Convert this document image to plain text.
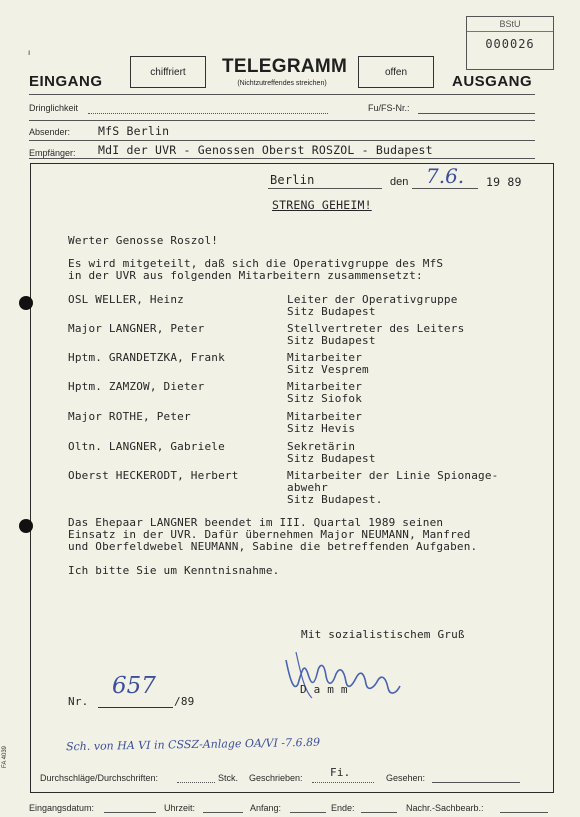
BStU
000026
ı
EINGANG
chiffriert TELEGRAMM
(Nichtzutreffendes streichen)
offen
AUSGANG
Dringlichkeit	Fu/FS-Nr.:
Absender: MfS Berlin
Empfänger: MdI der UVR - Genossen Oberst ROSZOL - Budapest
Berlin	den 7.6. 19 89
STRENG GEHEIM!
Werter Genosse Roszol!
Es wird mitgeteilt, daß sich die Operativgruppe des MfS
in der UVR aus folgenden Mitarbeitern zusammensetzt:
OSL WELLER, Heinz	Leiter der Operativgruppe
Sitz Budapest
Major LANGNER, Peter	Stellvertreter des Leiters
Sitz Budapest
Hptm. GRANDETZKA, Frank	Mitarbeiter
Sitz Vesprem
Hptm. ZAMZOW, Dieter	Mitarbeiter
Sitz Siofok
Major ROTHE, Peter	Mitarbeiter
Sitz Hevis
Oltn. LANGNER, Gabriele	Sekretärin
Sitz Budapest
Oberst HECKERODT, Herbert	Mitarbeiter der Linie Spionage-
abwehr
Sitz Budapest.
Das Ehepaar LANGNER beendet im III. Quartal 1989 seinen
Einsatz in der UVR. Dafür übernehmen Major NEUMANN, Manfred
und Oberfeldwebel NEUMANN, Sabine die betreffenden Aufgaben.
Ich bitte Sie um Kenntnisnahme.
Mit sozialistischem Gruß
D a m m
Nr.
657
/89
Sch. von HA VI in CSSZ-Anlage OA/VI -7.6.89
Fi.
Durchschläge/Durchschriften:	Stck. Geschrieben:	Gesehen:
Eingangsdatum:	Uhrzeit:	Anfang:	Ende:	Nachr.-Sachbearb.:
FA 4039
